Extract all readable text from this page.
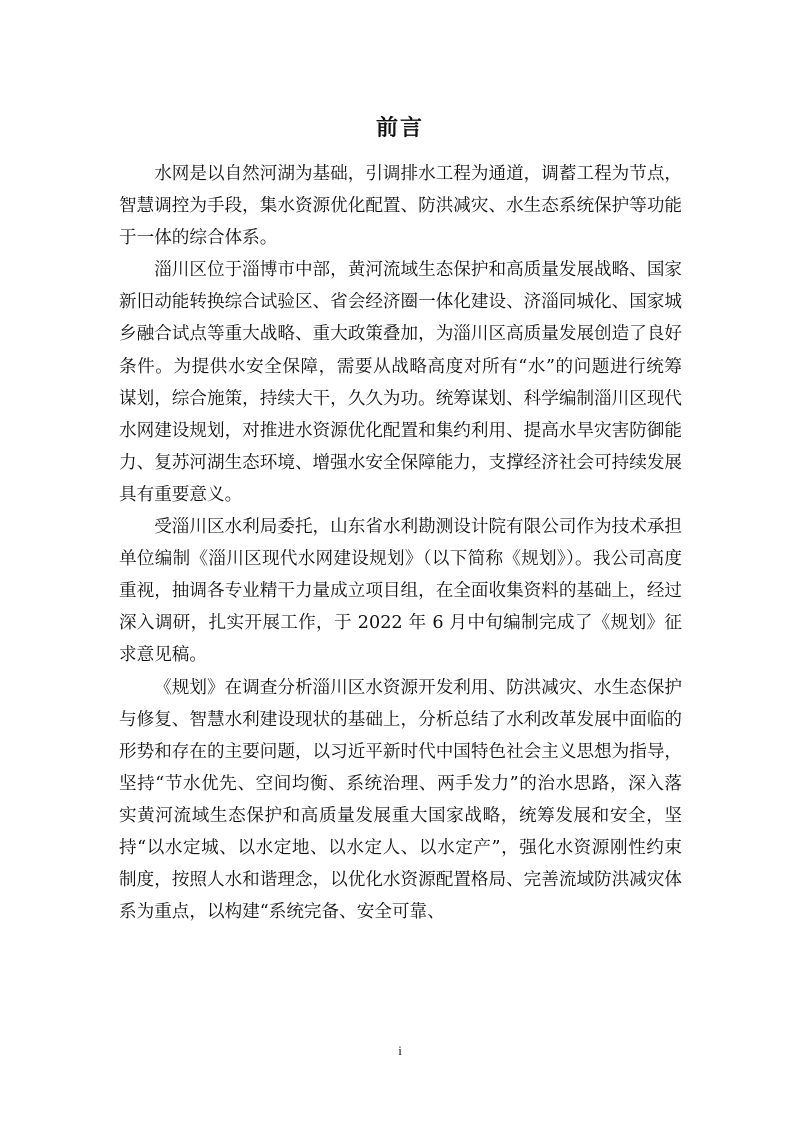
前言

水网是以自然河湖为基础，引调排水工程为通道，调蓄工程为节点，智慧调控为手段，集水资源优化配置、防洪减灾、水生态系统保护等功能于一体的综合体系。

淄川区位于淄博市中部，黄河流域生态保护和高质量发展战略、国家新旧动能转换综合试验区、省会经济圈一体化建设、济淄同城化、国家城乡融合试点等重大战略、重大政策叠加，为淄川区高质量发展创造了良好条件。为提供水安全保障，需要从战略高度对所有“水”的问题进行统筹谋划，综合施策，持续大干，久久为功。统筹谋划、科学编制淄川区现代水网建设规划，对推进水资源优化配置和集约利用、提高水旱灾害防御能力、复苏河湖生态环境、增强水安全保障能力，支撑经济社会可持续发展具有重要意义。

受淄川区水利局委托，山东省水利勘测设计院有限公司作为技术承担单位编制《淄川区现代水网建设规划》（以下简称《规划》）。我公司高度重视，抽调各专业精干力量成立项目组，在全面收集资料的基础上，经过深入调研，扎实开展工作，于 2022 年 6 月中旬编制完成了《规划》征求意见稿。

《规划》在调查分析淄川区水资源开发利用、防洪减灾、水生态保护与修复、智慧水利建设现状的基础上，分析总结了水利改革发展中面临的形势和存在的主要问题，以习近平新时代中国特色社会主义思想为指导，坚持“节水优先、空间均衡、系统治理、两手发力”的治水思路，深入落实黄河流域生态保护和高质量发展重大国家战略，统筹发展和安全，坚持“以水定城、以水定地、以水定人、以水定产”，强化水资源刚性约束制度，按照人水和谐理念，以优化水资源配置格局、完善流域防洪减灾体系为重点，以构建“系统完备、安全可靠、

i
